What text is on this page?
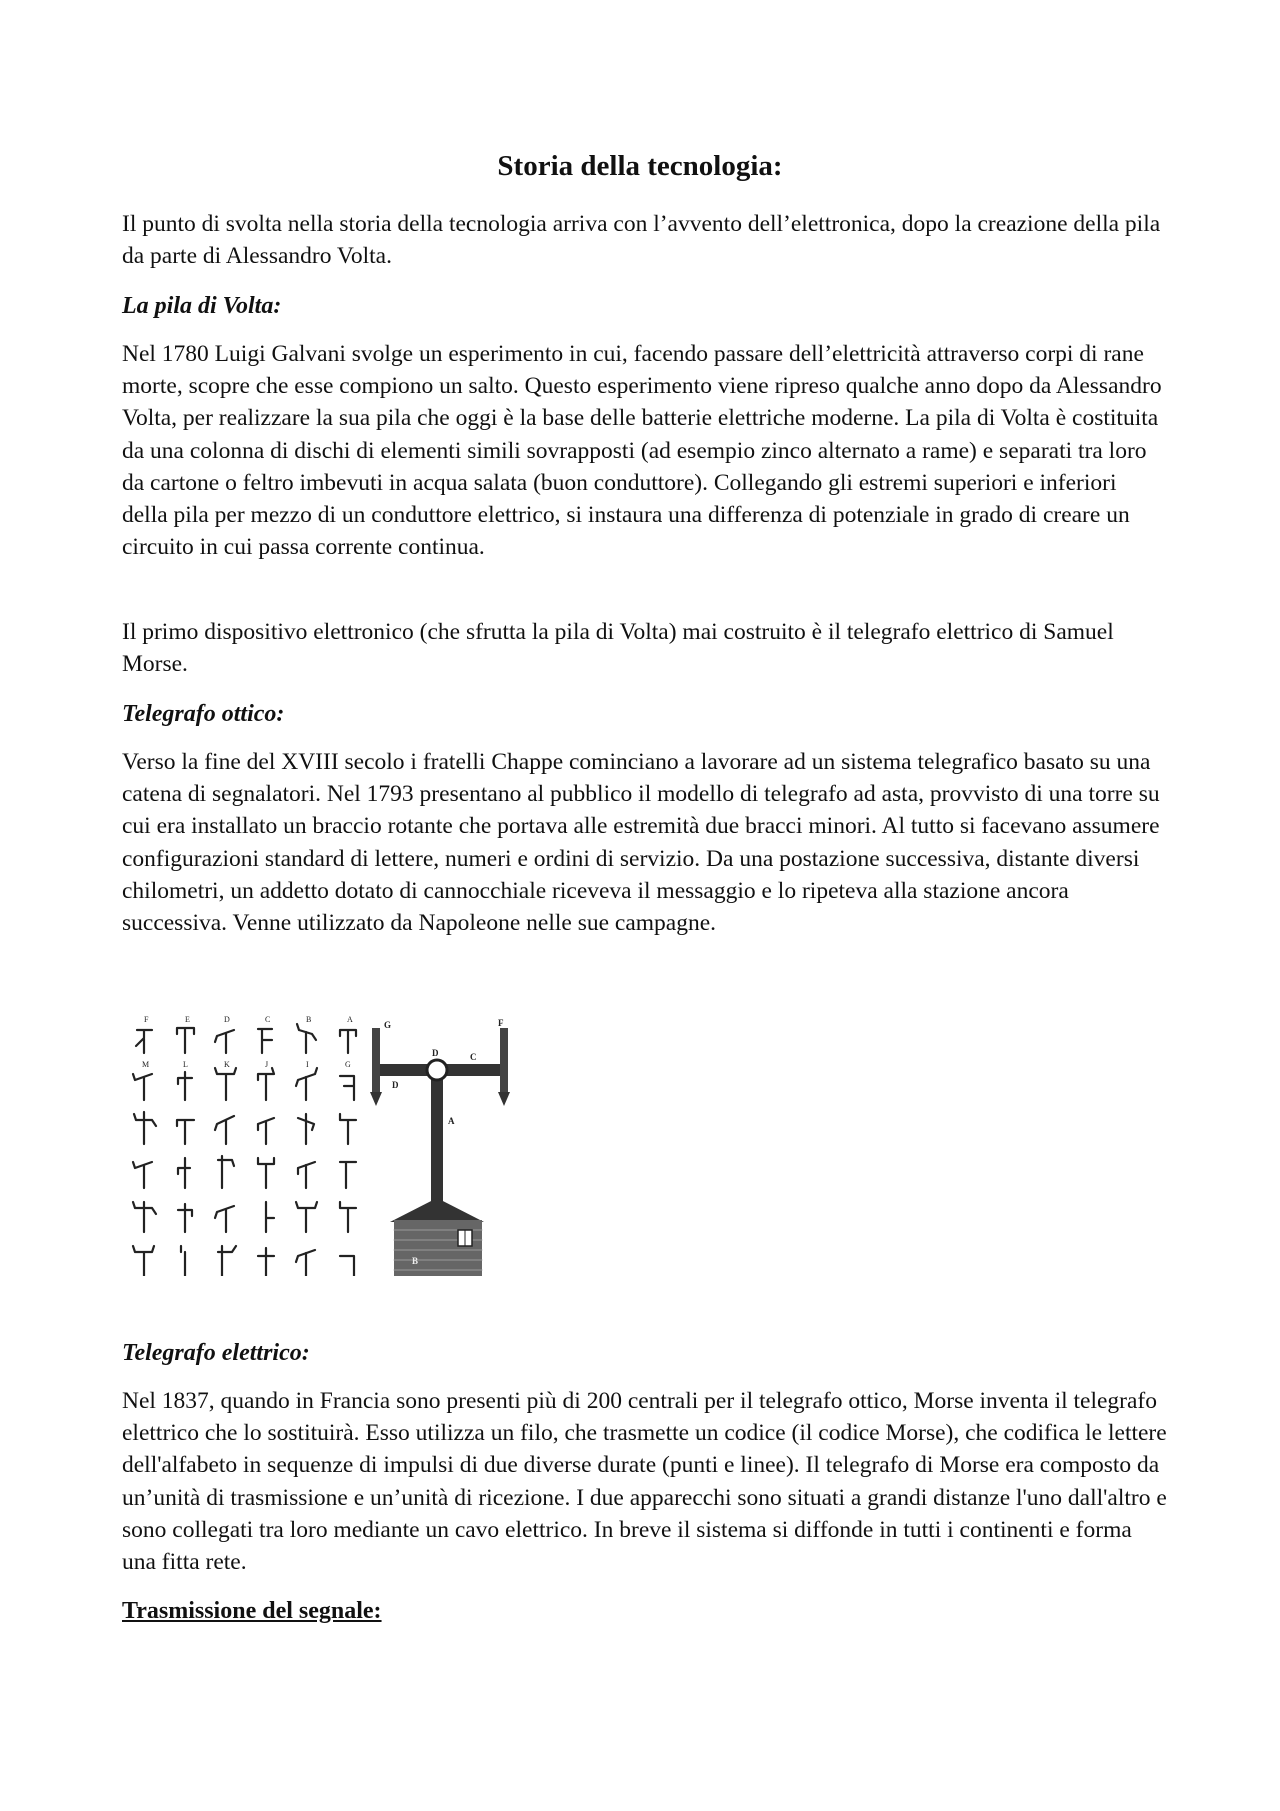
Storia della tecnologia:

Il punto di svolta nella storia della tecnologia arriva con l’avvento dell’elettronica, dopo la creazione della pila da parte di Alessandro Volta.

La pila di Volta:

Nel 1780 Luigi Galvani svolge un esperimento in cui, facendo passare dell’elettricità attraverso corpi di rane morte, scopre che esse compiono un salto. Questo esperimento viene ripreso qualche anno dopo da Alessandro Volta, per realizzare la sua pila che oggi è la base delle batterie elettriche moderne. La pila di Volta è costituita da una colonna di dischi di elementi simili sovrapposti (ad esempio zinco alternato a rame) e separati tra loro da cartone o feltro imbevuti in acqua salata (buon conduttore). Collegando gli estremi superiori e inferiori della pila per mezzo di un conduttore elettrico, si instaura una differenza di potenziale in grado di creare un circuito in cui passa corrente continua.

Il primo dispositivo elettronico (che sfrutta la pila di Volta) mai costruito è il telegrafo elettrico di Samuel Morse.

Telegrafo ottico:

Verso la fine del XVIII secolo i fratelli Chappe cominciano a lavorare ad un sistema telegrafico basato su una catena di segnalatori. Nel 1793 presentano al pubblico il modello di telegrafo ad asta, provvisto di una torre su cui era installato un braccio rotante che portava alle estremità due bracci minori. Al tutto si facevano assumere configurazioni standard di lettere, numeri e ordini di servizio. Da una postazione successiva, distante diversi chilometri, un addetto dotato di cannocchiale riceveva il messaggio e lo ripeteva alla stazione ancora successiva. Venne utilizzato da Napoleone nelle sue campagne.

F	E	D	C	B	A
M	L	K	J	I	G
G	F
D	C
D
A
B
Telegrafo elettrico:

Nel 1837, quando in Francia sono presenti più di 200 centrali per il telegrafo ottico, Morse inventa il telegrafo elettrico che lo sostituirà. Esso utilizza un filo, che trasmette un codice (il codice Morse), che codifica le lettere dell'alfabeto in sequenze di impulsi di due diverse durate (punti e linee). Il telegrafo di Morse era composto da un’unità di trasmissione e un’unità di ricezione. I due apparecchi sono situati a grandi distanze l'uno dall'altro e sono collegati tra loro mediante un cavo elettrico. In breve il sistema si diffonde in tutti i continenti e forma una fitta rete.

Trasmissione del segnale:
